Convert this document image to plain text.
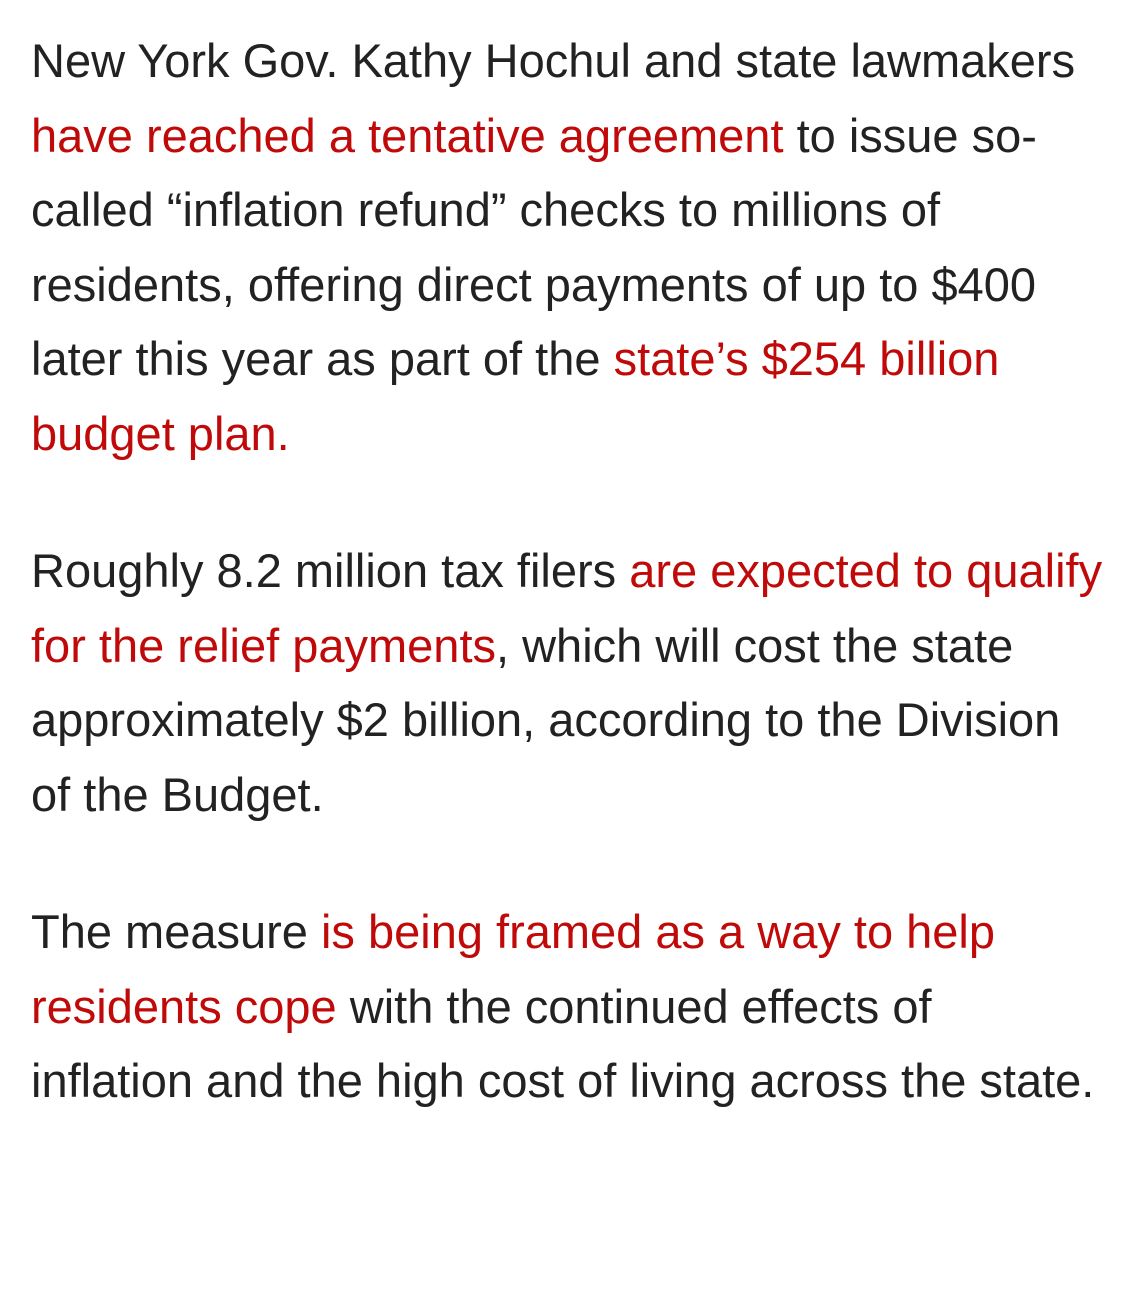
New York Gov. Kathy Hochul and state lawmakers have reached a tentative agreement to issue so-called “inflation refund” checks to millions of residents, offering direct payments of up to $400 later this year as part of the state’s $254 billion budget plan.

Roughly 8.2 million tax filers are expected to qualify for the relief payments, which will cost the state approximately $2 billion, according to the Division of the Budget.

The measure is being framed as a way to help residents cope with the continued effects of inflation and the high cost of living across the state.
